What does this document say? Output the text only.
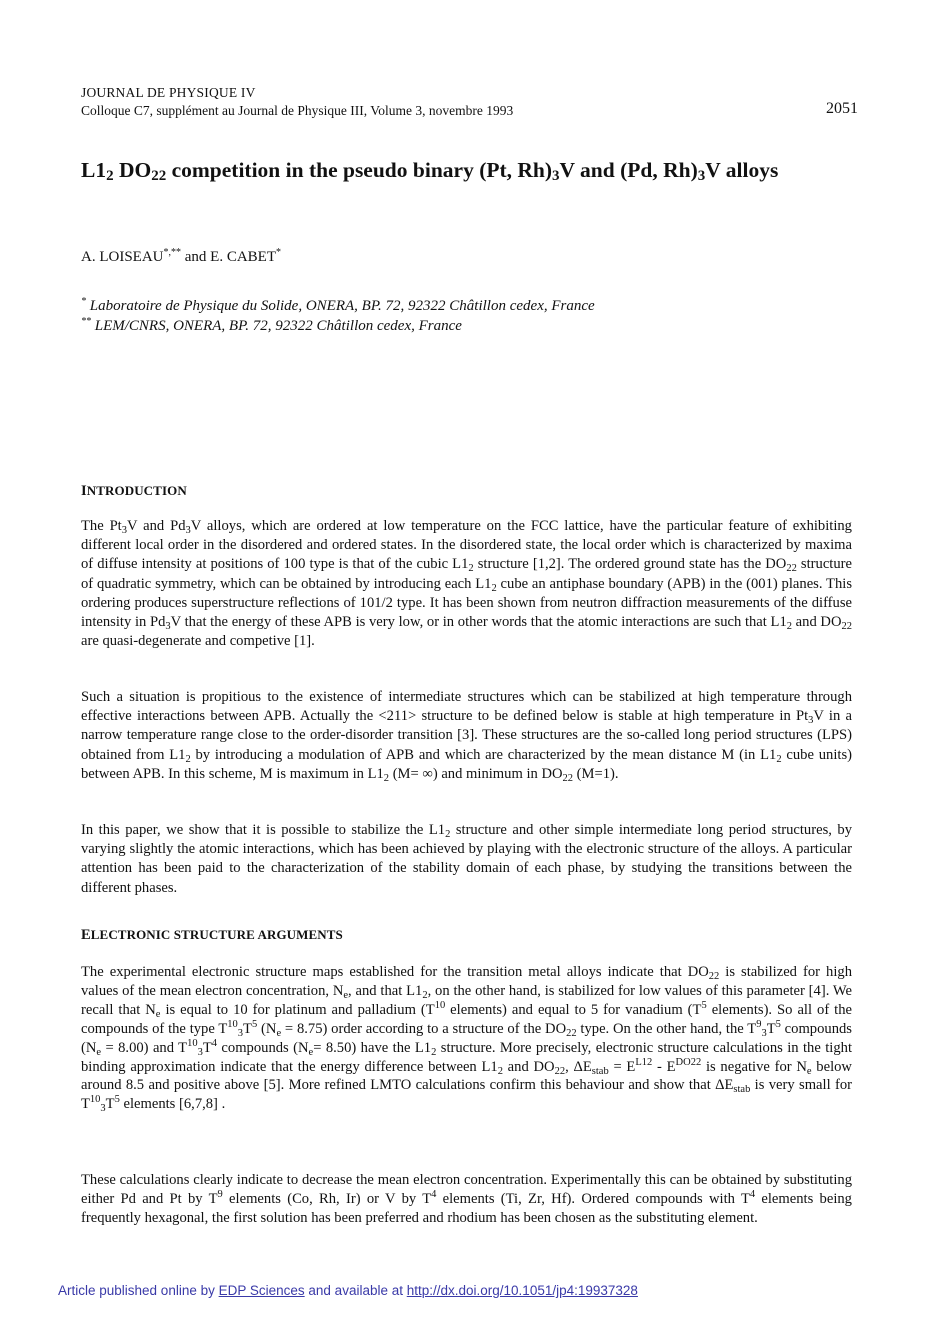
JOURNAL DE PHYSIQUE IV
Colloque C7, supplément au Journal de Physique III, Volume 3, novembre 1993	2051
$L1_2$ $DO_{22}$ competition in the pseudo binary (Pt, $Rh)_3V$ and (Pd, $Rh)_3V$ alloys
A. LOISEAU*,** and E. CABET*
* Laboratoire de Physique du Solide, ONERA, BP. 72, 92322 Châtillon cedex, France
** LEM/CNRS, ONERA, BP. 72, 92322 Châtillon cedex, France
INTRODUCTION

The $Pt_3V$ and $Pd_3V$ alloys, which are ordered at low temperature on the FCC lattice, have the particular feature of exhibiting different local order in the disordered and ordered states. In the disordered state, the local order which is characterized by maxima of diffuse intensity at positions of 100 type is that of the cubic $L1_2$ structure [1,2]. The ordered ground state has the $DO_{22}$ structure of quadratic symmetry, which can be obtained by introducing each $L1_2$ cube an antiphase boundary (APB) in the (001) planes. This ordering produces superstructure reflections of 101/2 type. It has been shown from neutron diffraction measurements of the diffuse intensity in $Pd_3V$ that the energy of these APB is very low, or in other words that the atomic interactions are such that $L1_2$ and $DO_{22}$ are quasi-degenerate and competive [1].

Such a situation is propitious to the existence of intermediate structures which can be stabilized at high temperature through effective interactions between APB. Actually the <211> structure to be defined below is stable at high temperature in $Pt_3V$ in a narrow temperature range close to the order-disorder transition [3]. These structures are the so-called long period structures (LPS) obtained from $L1_2$ by introducing a modulation of APB and which are characterized by the mean distance M (in $L1_2$ cube units) between APB. In this scheme, M is maximum in $L1_2$ (M= ∞) and minimum in $DO_{22}$ (M=1).

In this paper, we show that it is possible to stabilize the $L1_2$ structure and other simple intermediate long period structures, by varying slightly the atomic interactions, which has been achieved by playing with the electronic structure of the alloys. A particular attention has been paid to the characterization of the stability domain of each phase, by studying the transitions between the different phases.

ELECTRONIC STRUCTURE ARGUMENTS

The experimental electronic structure maps established for the transition metal alloys indicate that $DO_{22}$ is stabilized for high values of the mean electron concentration, $N_e$, and that $L1_2$, on the other hand, is stabilized for low values of this parameter [4]. We recall that $N_e$ is equal to 10 for platinum and palladium ($T^{10}$ elements) and equal to 5 for vanadium ($T^5$ elements). So all of the compounds of the type $T^{10}_3T^5$ $(N_e = 8.75)$ order according to a structure of the $DO_{22}$ type. On the other hand, the $T^9_3T^5$ compounds $(N_e = 8.00)$ and $T^{10}_3T^4$ compounds $(N_e= 8.50)$ have the $L1_2$ structure. More precisely, electronic structure calculations in the tight binding approximation indicate that the energy difference between $L1_2$ and $DO_{22}$, $\Delta E_{stab} = E^{L12} - E^{DO22}$ is negative for $N_e$ below around 8.5 and positive above [5]. More refined LMTO calculations confirm this behaviour and show that $\Delta E_{stab}$ is very small for $T^{10}_3T^5$ elements [6,7,8] .

These calculations clearly indicate to decrease the mean electron concentration. Experimentally this can be obtained by substituting either Pd and Pt by $T^9$ elements (Co, Rh, Ir) or V by $T^4$ elements (Ti, Zr, Hf). Ordered compounds with $T^4$ elements being frequently hexagonal, the first solution has been preferred and rhodium has been chosen as the substituting element.

Article published online by EDP Sciences and available at http://dx.doi.org/10.1051/jp4:19937328
